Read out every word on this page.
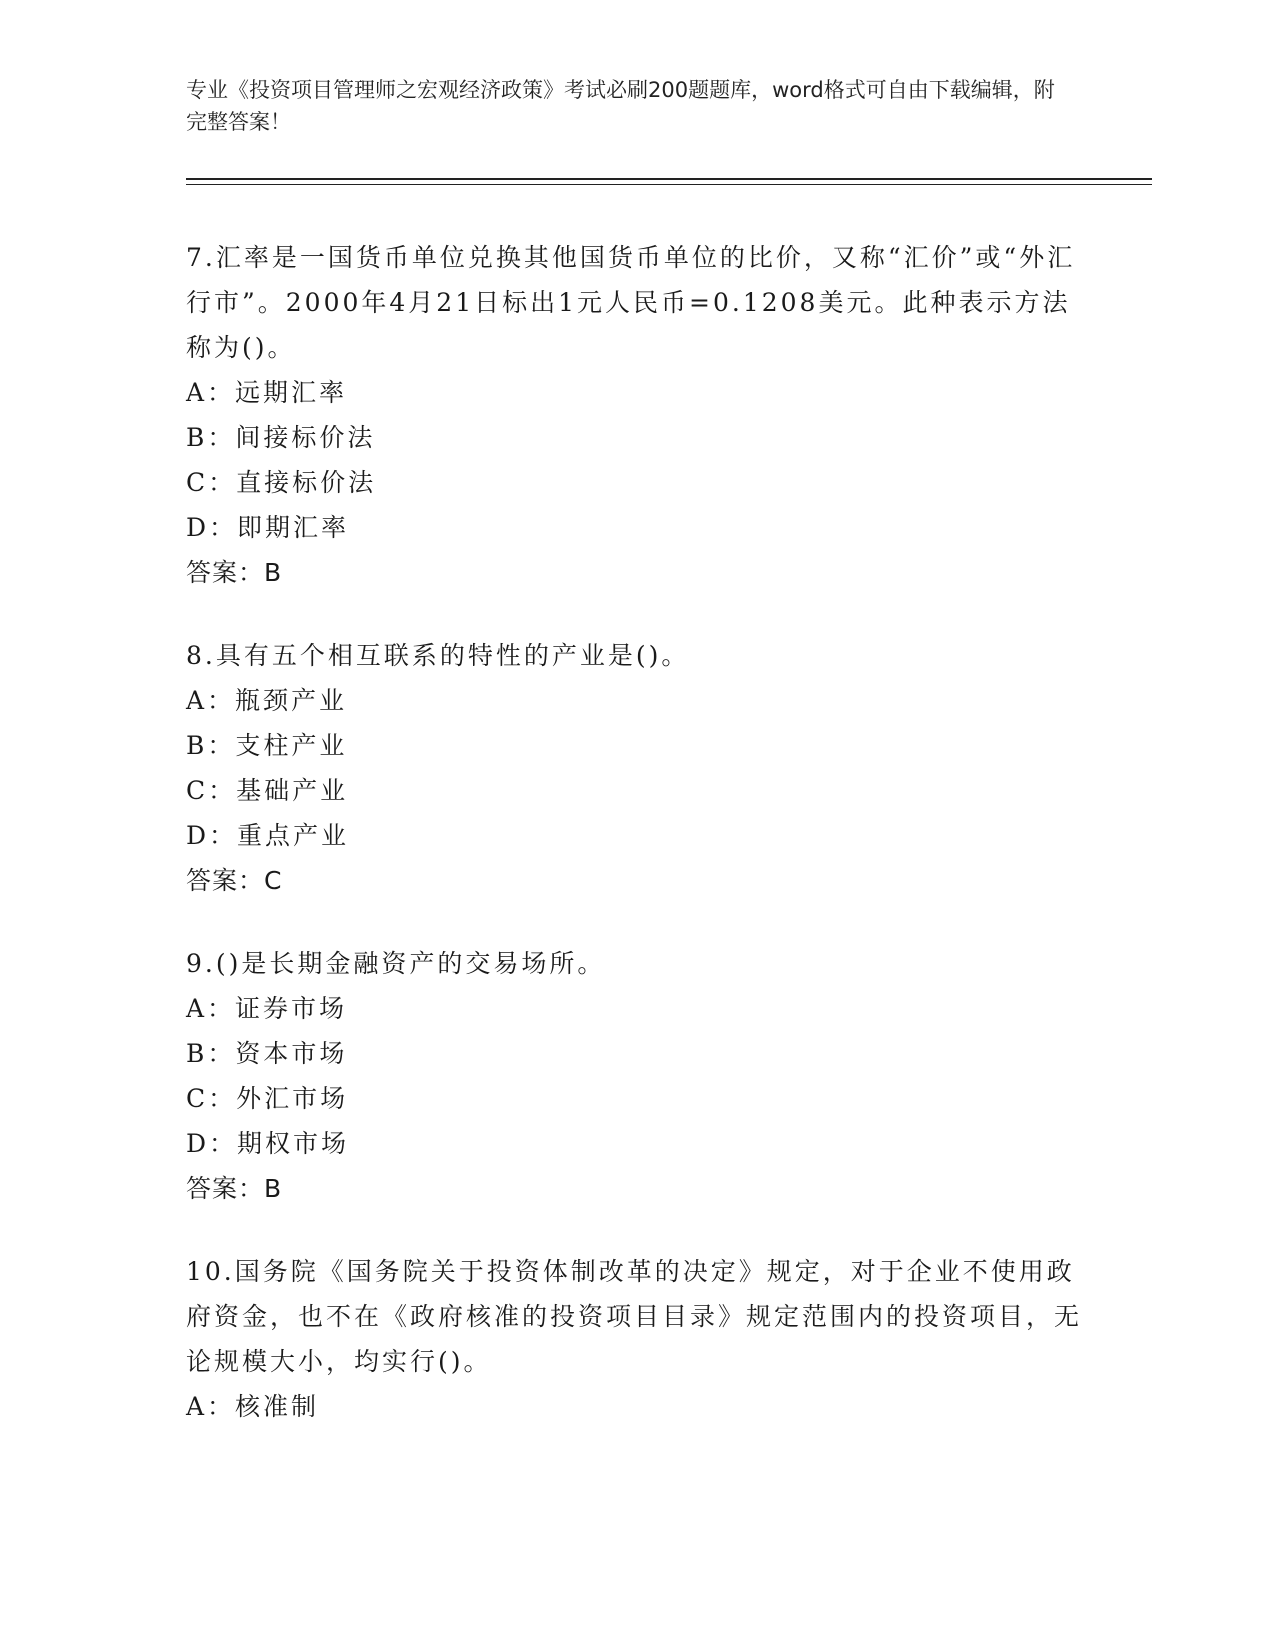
专业《投资项目管理师之宏观经济政策》考试必刷200题题库，word格式可自由下载编辑，附完整答案！
7.汇率是一国货币单位兑换其他国货币单位的比价，又称“汇价”或“外汇行市”。2000年4月21日标出1元人民币=0.1208美元。此种表示方法称为()。
A：远期汇率
B：间接标价法
C：直接标价法
D：即期汇率
答案：B
8.具有五个相互联系的特性的产业是()。
A：瓶颈产业
B：支柱产业
C：基础产业
D：重点产业
答案：C
9.()是长期金融资产的交易场所。
A：证券市场
B：资本市场
C：外汇市场
D：期权市场
答案：B
10.国务院《国务院关于投资体制改革的决定》规定，对于企业不使用政府资金，也不在《政府核准的投资项目目录》规定范围内的投资项目，无论规模大小，均实行()。
A：核准制
